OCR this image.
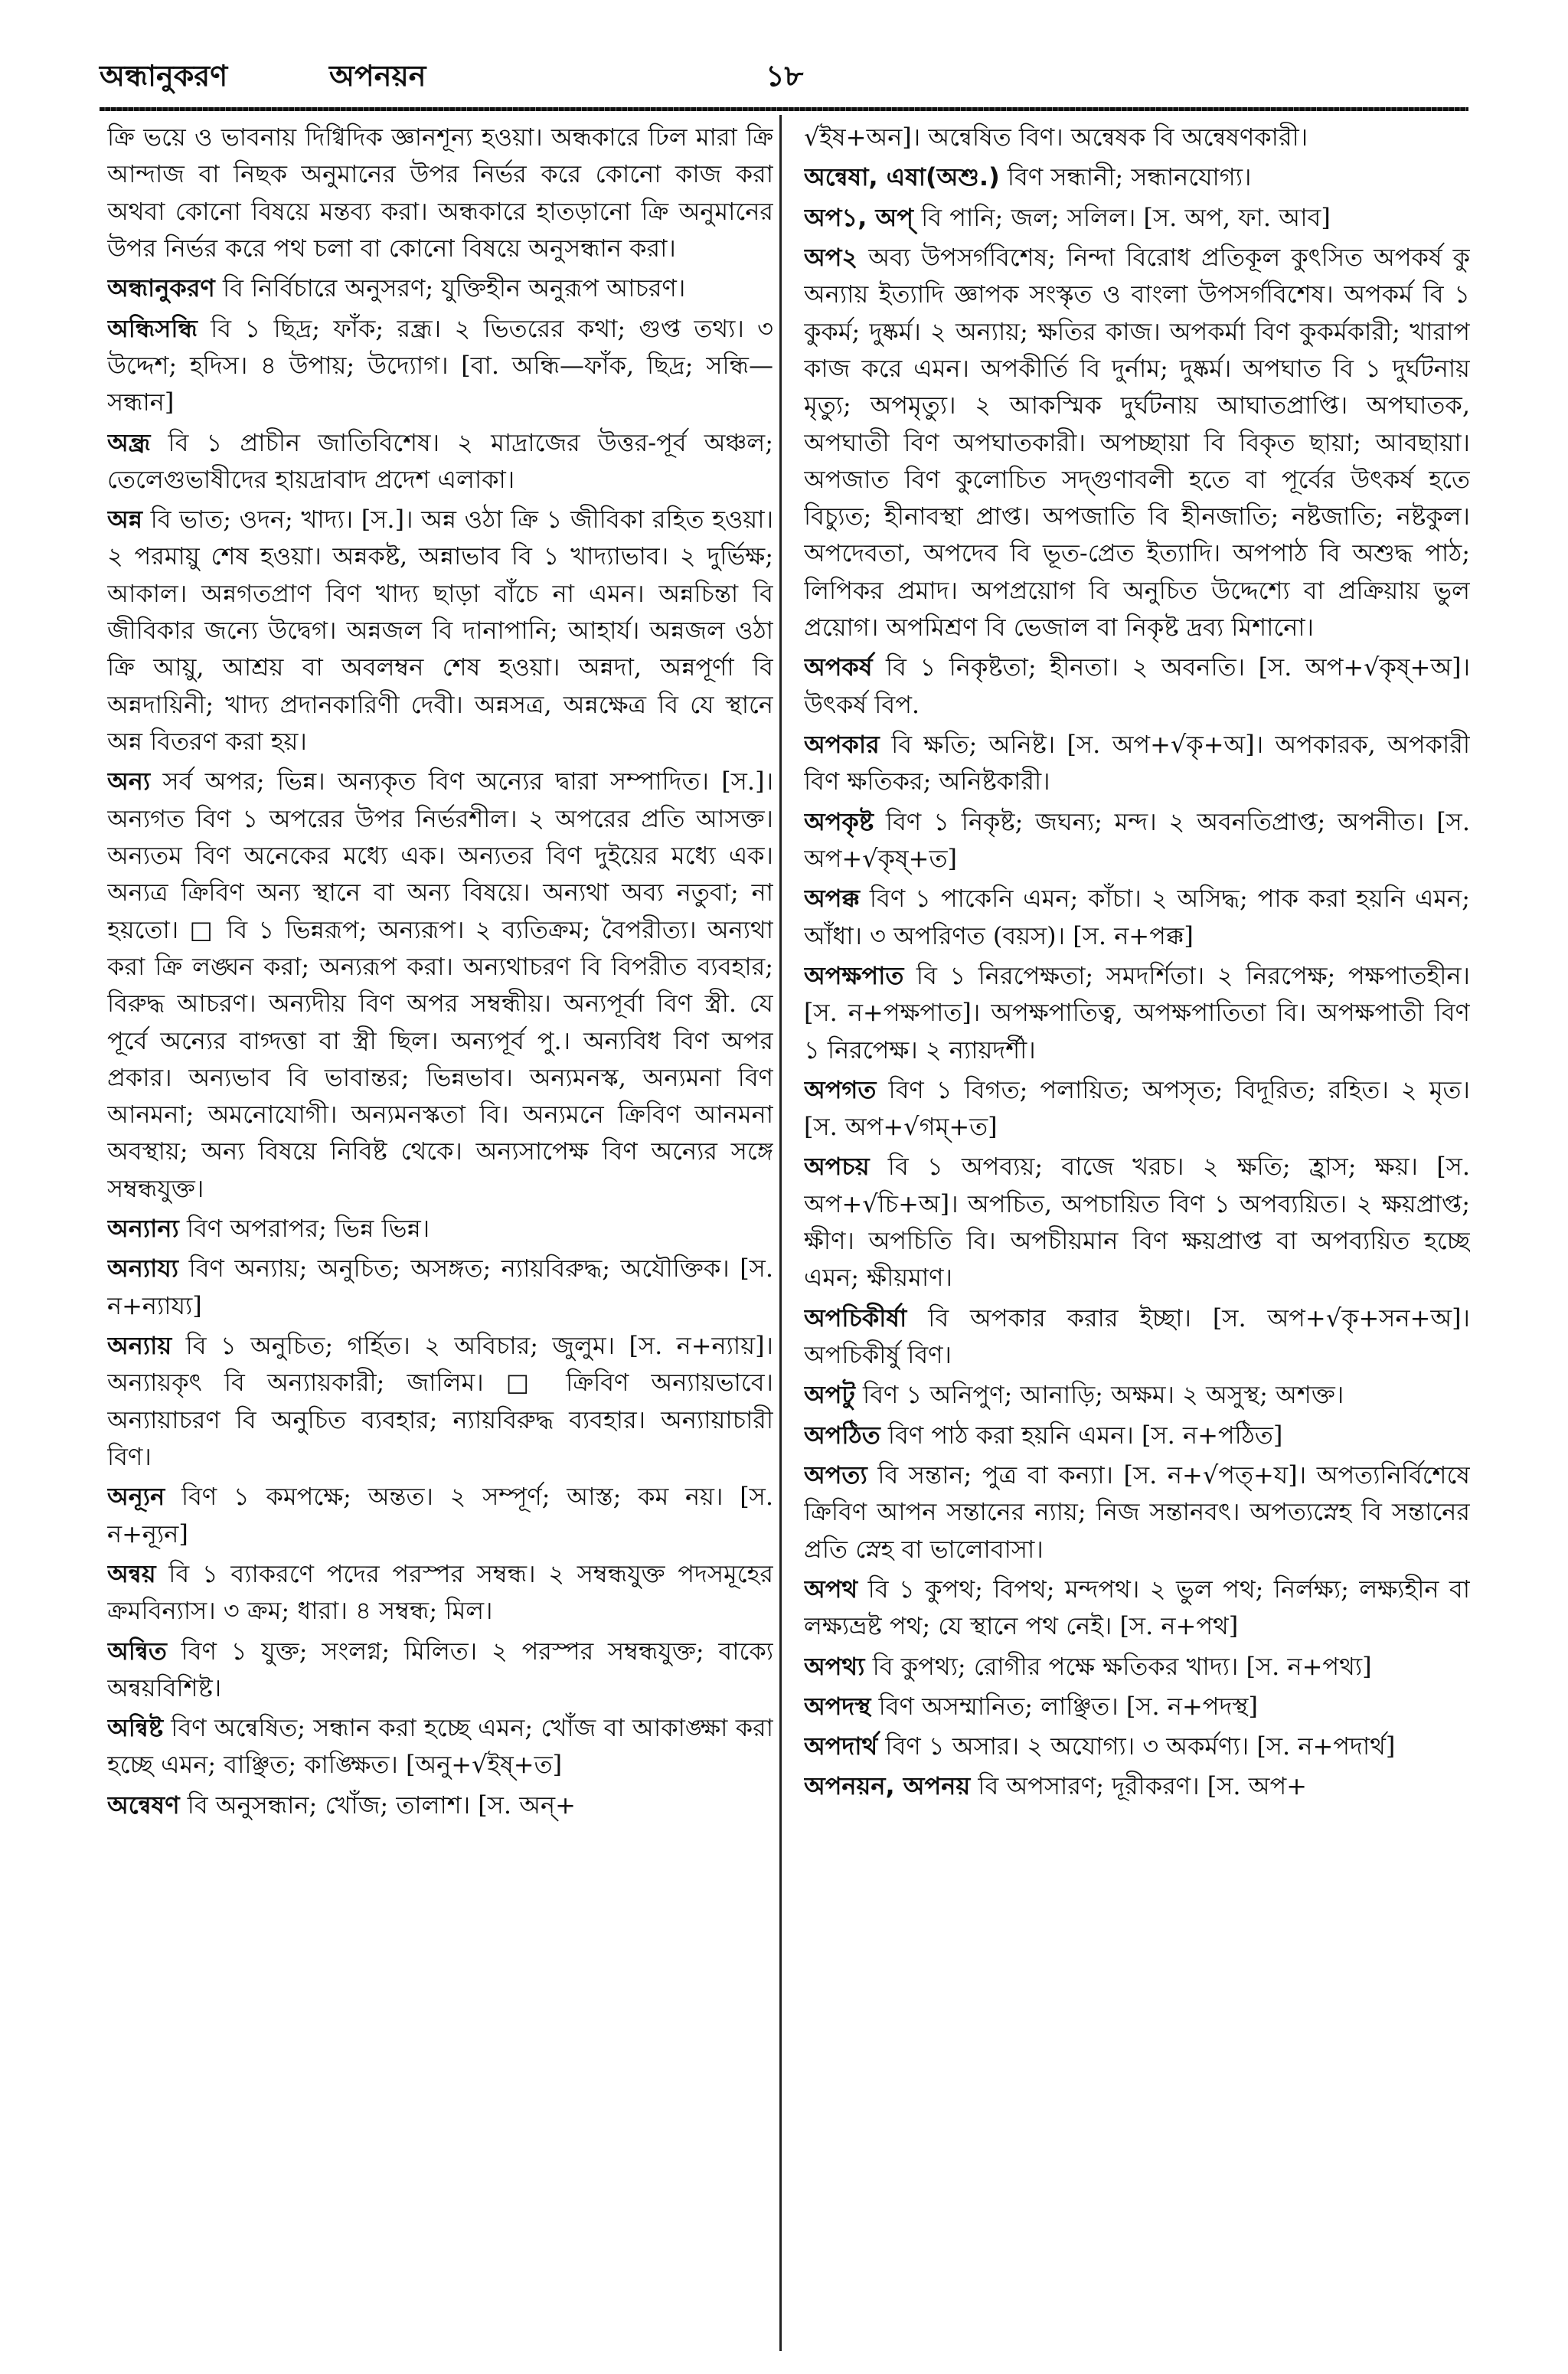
অন্ধানুকরণ	অপনয়ন	১৮

ক্রি ভয়ে ও ভাবনায় দিগ্বিদিক জ্ঞানশূন্য হওয়া। অন্ধকারে ঢিল মারা ক্রি আন্দাজ বা নিছক অনুমানের উপর নির্ভর করে কোনো কাজ করা অথবা কোনো বিষয়ে মন্তব্য করা। অন্ধকারে হাতড়ানো ক্রি অনুমানের উপর নির্ভর করে পথ চলা বা কোনো বিষয়ে অনুসন্ধান করা।

অন্ধানুকরণ বি নির্বিচারে অনুসরণ; যুক্তিহীন অনুরূপ আচরণ।

অন্ধিসন্ধি বি ১ ছিদ্র; ফাঁক; রন্ধ্র। ২ ভিতরের কথা; গুপ্ত তথ্য। ৩ উদ্দেশ; হদিস। ৪ উপায়; উদ্যোগ। [বা. অন্ধি—ফাঁক, ছিদ্র; সন্ধি—সন্ধান]

অন্ধ্র বি ১ প্রাচীন জাতিবিশেষ। ২ মাদ্রাজের উত্তর-পূর্ব অঞ্চল; তেলেগুভাষীদের হায়দ্রাবাদ প্রদেশ এলাকা।

অন্ন বি ভাত; ওদন; খাদ্য। [স.]। অন্ন ওঠা ক্রি ১ জীবিকা রহিত হওয়া। ২ পরমায়ু শেষ হওয়া। অন্নকষ্ট, অন্নাভাব বি ১ খাদ্যাভাব। ২ দুর্ভিক্ষ; আকাল। অন্নগতপ্রাণ বিণ খাদ্য ছাড়া বাঁচে না এমন। অন্নচিন্তা বি জীবিকার জন্যে উদ্বেগ। অন্নজল বি দানাপানি; আহার্য। অন্নজল ওঠা ক্রি আয়ু, আশ্রয় বা অবলম্বন শেষ হওয়া। অন্নদা, অন্নপূর্ণা বি অন্নদায়িনী; খাদ্য প্রদানকারিণী দেবী। অন্নসত্র, অন্নক্ষেত্র বি যে স্থানে অন্ন বিতরণ করা হয়।

অন্য সর্ব অপর; ভিন্ন। অন্যকৃত বিণ অন্যের দ্বারা সম্পাদিত। [স.]। অন্যগত বিণ ১ অপরের উপর নির্ভরশীল। ২ অপরের প্রতি আসক্ত। অন্যতম বিণ অনেকের মধ্যে এক। অন্যতর বিণ দুইয়ের মধ্যে এক। অন্যত্র ক্রিবিণ অন্য স্থানে বা অন্য বিষয়ে। অন্যথা অব্য নতুবা; না হয়তো। □ বি ১ ভিন্নরূপ; অন্যরূপ। ২ ব্যতিক্রম; বৈপরীত্য। অন্যথা করা ক্রি লঙ্ঘন করা; অন্যরূপ করা। অন্যথাচরণ বি বিপরীত ব্যবহার; বিরুদ্ধ আচরণ। অন্যদীয় বিণ অপর সম্বন্ধীয়। অন্যপূর্বা বিণ স্ত্রী. যে পূর্বে অন্যের বাগ্দত্তা বা স্ত্রী ছিল। অন্যপূর্ব পু.। অন্যবিধ বিণ অপর প্রকার। অন্যভাব বি ভাবান্তর; ভিন্নভাব। অন্যমনস্ক, অন্যমনা বিণ আনমনা; অমনোযোগী। অন্যমনস্কতা বি। অন্যমনে ক্রিবিণ আনমনা অবস্থায়; অন্য বিষয়ে নিবিষ্ট থেকে। অন্যসাপেক্ষ বিণ অন্যের সঙ্গে সম্বন্ধযুক্ত।

অন্যান্য বিণ অপরাপর; ভিন্ন ভিন্ন।

অন্যায্য বিণ অন্যায়; অনুচিত; অসঙ্গত; ন্যায়বিরুদ্ধ; অযৌক্তিক। [স. ন+ন্যায্য]

অন্যায় বি ১ অনুচিত; গর্হিত। ২ অবিচার; জুলুম। [স. ন+ন্যায়]। অন্যায়কৃৎ বি অন্যায়কারী; জালিম। □ ক্রিবিণ অন্যায়ভাবে। অন্যায়াচরণ বি অনুচিত ব্যবহার; ন্যায়বিরুদ্ধ ব্যবহার। অন্যায়াচারী বিণ।

অন্যূন বিণ ১ কমপক্ষে; অন্তত। ২ সম্পূর্ণ; আস্ত; কম নয়। [স. ন+ন্যূন]

অন্বয় বি ১ ব্যাকরণে পদের পরস্পর সম্বন্ধ। ২ সম্বন্ধযুক্ত পদসমূহের ক্রমবিন্যাস। ৩ ক্রম; ধারা। ৪ সম্বন্ধ; মিল।

অন্বিত বিণ ১ যুক্ত; সংলগ্ন; মিলিত। ২ পরস্পর সম্বন্ধযুক্ত; বাক্যে অন্বয়বিশিষ্ট।

অন্বিষ্ট বিণ অন্বেষিত; সন্ধান করা হচ্ছে এমন; খোঁজ বা আকাঙ্ক্ষা করা হচ্ছে এমন; বাঞ্ছিত; কাঙ্ক্ষিত। [অনু+√ইষ্+ত]

অন্বেষণ বি অনুসন্ধান; খোঁজ; তালাশ। [স. অন্+

√ইষ+অন]। অন্বেষিত বিণ। অন্বেষক বি অন্বেষণকারী।

অন্বেষা, এষা(অশু.) বিণ সন্ধানী; সন্ধানযোগ্য।

অপ১, অপ্ বি পানি; জল; সলিল। [স. অপ, ফা. আব]

অপ২ অব্য উপসর্গবিশেষ; নিন্দা বিরোধ প্রতিকূল কুৎসিত অপকর্ষ কু অন্যায় ইত্যাদি জ্ঞাপক সংস্কৃত ও বাংলা উপসর্গবিশেষ। অপকর্ম বি ১ কুকর্ম; দুষ্কর্ম। ২ অন্যায়; ক্ষতির কাজ। অপকর্মা বিণ কুকর্মকারী; খারাপ কাজ করে এমন। অপকীর্তি বি দুর্নাম; দুষ্কর্ম। অপঘাত বি ১ দুর্ঘটনায় মৃত্যু; অপমৃত্যু। ২ আকস্মিক দুর্ঘটনায় আঘাতপ্রাপ্তি। অপঘাতক, অপঘাতী বিণ অপঘাতকারী। অপচ্ছায়া বি বিকৃত ছায়া; আবছায়া। অপজাত বিণ কুলোচিত সদ্গুণাবলী হতে বা পূর্বের উৎকর্ষ হতে বিচ্যুত; হীনাবস্থা প্রাপ্ত। অপজাতি বি হীনজাতি; নষ্টজাতি; নষ্টকুল। অপদেবতা, অপদেব বি ভূত-প্রেত ইত্যাদি। অপপাঠ বি অশুদ্ধ পাঠ; লিপিকর প্রমাদ। অপপ্রয়োগ বি অনুচিত উদ্দেশ্যে বা প্রক্রিয়ায় ভুল প্রয়োগ। অপমিশ্রণ বি ভেজাল বা নিকৃষ্ট দ্রব্য মিশানো।

অপকর্ষ বি ১ নিকৃষ্টতা; হীনতা। ২ অবনতি। [স. অপ+√কৃষ্+অ]। উৎকর্ষ বিপ.

অপকার বি ক্ষতি; অনিষ্ট। [স. অপ+√কৃ+অ]। অপকারক, অপকারী বিণ ক্ষতিকর; অনিষ্টকারী।

অপকৃষ্ট বিণ ১ নিকৃষ্ট; জঘন্য; মন্দ। ২ অবনতিপ্রাপ্ত; অপনীত। [স. অপ+√কৃষ্+ত]

অপক্ক বিণ ১ পাকেনি এমন; কাঁচা। ২ অসিদ্ধ; পাক করা হয়নি এমন; আঁধা। ৩ অপরিণত (বয়স)। [স. ন+পক্ক]

অপক্ষপাত বি ১ নিরপেক্ষতা; সমদর্শিতা। ২ নিরপেক্ষ; পক্ষপাতহীন। [স. ন+পক্ষপাত]। অপক্ষপাতিত্ব, অপক্ষপাতিতা বি। অপক্ষপাতী বিণ ১ নিরপেক্ষ। ২ ন্যায়দর্শী।

অপগত বিণ ১ বিগত; পলায়িত; অপসৃত; বিদূরিত; রহিত। ২ মৃত। [স. অপ+√গম্+ত]

অপচয় বি ১ অপব্যয়; বাজে খরচ। ২ ক্ষতি; হ্রাস; ক্ষয়। [স. অপ+√চি+অ]। অপচিত, অপচায়িত বিণ ১ অপব্যয়িত। ২ ক্ষয়প্রাপ্ত; ক্ষীণ। অপচিতি বি। অপচীয়মান বিণ ক্ষয়প্রাপ্ত বা অপব্যয়িত হচ্ছে এমন; ক্ষীয়মাণ।

অপচিকীর্ষা বি অপকার করার ইচ্ছা। [স. অপ+√কৃ+সন+অ]। অপচিকীর্ষু বিণ।

অপটু বিণ ১ অনিপুণ; আনাড়ি; অক্ষম। ২ অসুস্থ; অশক্ত।

অপঠিত বিণ পাঠ করা হয়নি এমন। [স. ন+পঠিত]

অপত্য বি সন্তান; পুত্র বা কন্যা। [স. ন+√পত্+য]। অপত্যনির্বিশেষে ক্রিবিণ আপন সন্তানের ন্যায়; নিজ সন্তানবৎ। অপত্যস্নেহ বি সন্তানের প্রতি স্নেহ বা ভালোবাসা।

অপথ বি ১ কুপথ; বিপথ; মন্দপথ। ২ ভুল পথ; নির্লক্ষ্য; লক্ষ্যহীন বা লক্ষ্যভ্রষ্ট পথ; যে স্থানে পথ নেই। [স. ন+পথ]

অপথ্য বি কুপথ্য; রোগীর পক্ষে ক্ষতিকর খাদ্য। [স. ন+পথ্য]

অপদস্থ বিণ অসম্মানিত; লাঞ্ছিত। [স. ন+পদস্থ]

অপদার্থ বিণ ১ অসার। ২ অযোগ্য। ৩ অকর্মণ্য। [স. ন+পদার্থ]

অপনয়ন, অপনয় বি অপসারণ; দূরীকরণ। [স. অপ+
